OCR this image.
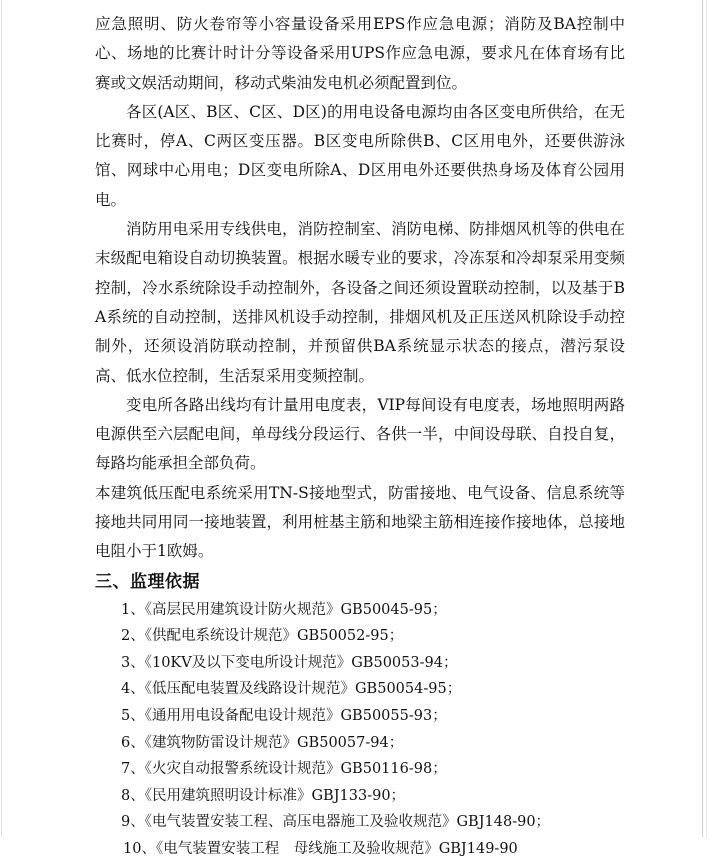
应急照明、防火卷帘等小容量设备采用EPS作应急电源；消防及BA控制中心、场地的比赛计时计分等设备采用UPS作应急电源，要求凡在体育场有比赛或文娱活动期间，移动式柴油发电机必须配置到位。

各区(A区、B区、C区、D区)的用电设备电源均由各区变电所供给，在无比赛时，停A、C两区变压器。B区变电所除供B、C区用电外，还要供游泳馆、网球中心用电；D区变电所除A、D区用电外还要供热身场及体育公园用电。

消防用电采用专线供电，消防控制室、消防电梯、防排烟风机等的供电在末级配电箱设自动切换装置。根据水暖专业的要求，冷冻泵和冷却泵采用变频控制，冷水系统除设手动控制外，各设备之间还须设置联动控制，以及基于BA系统的自动控制，送排风机设手动控制，排烟风机及正压送风机除设手动控制外，还须设消防联动控制，并预留供BA系统显示状态的接点，潜污泵设高、低水位控制，生活泵采用变频控制。

变电所各路出线均有计量用电度表，VIP每间设有电度表，场地照明两路电源供至六层配电间，单母线分段运行、各供一半，中间设母联、自投自复，每路均能承担全部负荷。

本建筑低压配电系统采用TN-S接地型式，防雷接地、电气设备、信息系统等接地共同用同一接地装置，利用桩基主筋和地梁主筋相连接作接地体，总接地电阻小于1欧姆。

三、监理依据
1、《高层民用建筑设计防火规范》GB50045-95；
2、《供配电系统设计规范》GB50052-95；
3、《10KV及以下变电所设计规范》GB50053-94；
4、《低压配电装置及线路设计规范》GB50054-95；
5、《通用用电设备配电设计规范》GB50055-93；
6、《建筑物防雷设计规范》GB50057-94；
7、《火灾自动报警系统设计规范》GB50116-98；
8、《民用建筑照明设计标准》GBJ133-90；
9、《电气装置安装工程、高压电器施工及验收规范》GBJ148-90；
10、《电气装置安装工程　母线施工及验收规范》GBJ149-90
